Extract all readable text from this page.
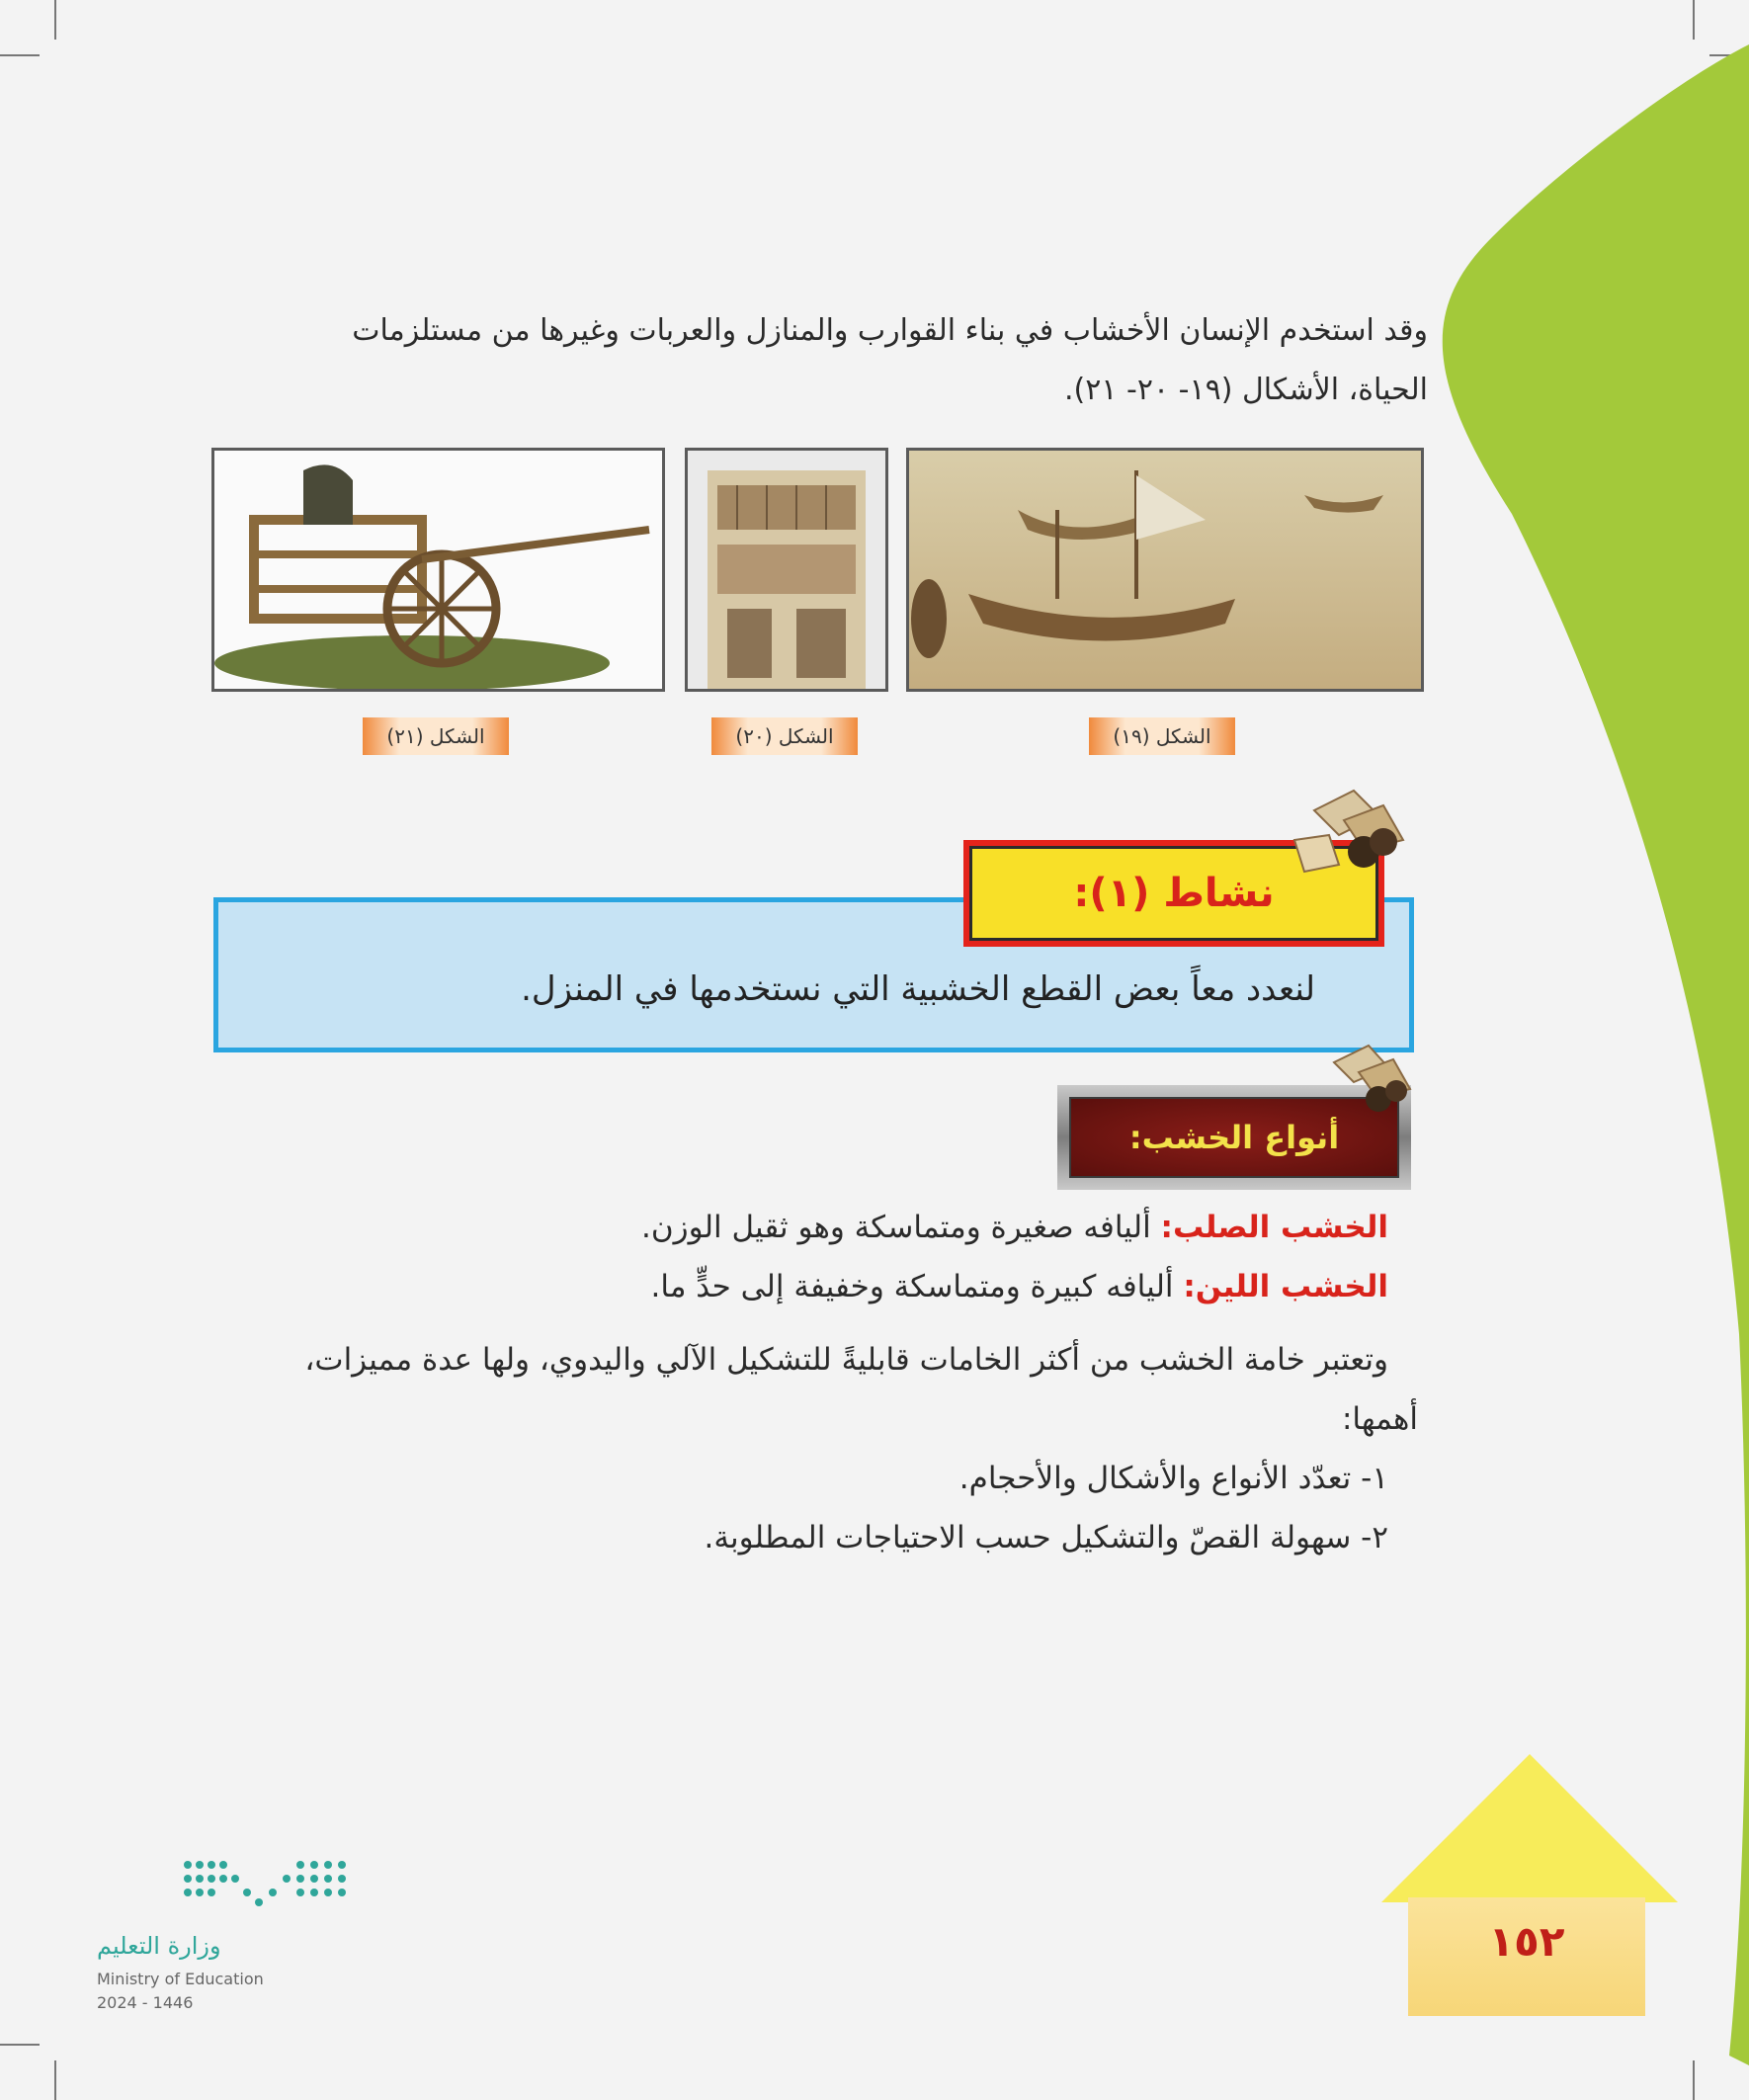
وقد استخدم الإنسان الأخشاب في بناء القوارب والمنازل والعربات وغيرها من مستلزمات
الحياة، الأشكال (١٩- ٢٠- ٢١).
الشكل (١٩)
الشكل (٢٠)
الشكل (٢١)
لنعدد معاً بعض القطع الخشبية التي نستخدمها في المنزل.
نشاط (١):
أنواع الخشب:
الخشب الصلب: أليافه صغيرة ومتماسكة وهو ثقيل الوزن.
الخشب اللين: أليافه كبيرة ومتماسكة وخفيفة إلى حدٍّ ما.
وتعتبر خامة الخشب من أكثر الخامات قابليةً للتشكيل الآلي واليدوي، ولها عدة مميزات،
أهمها:
١- تعدّد الأنواع والأشكال والأحجام.
٢- سهولة القصّ والتشكيل حسب الاحتياجات المطلوبة.
١٥٢
وزارة التعليم
Ministry of Education
2024 - 1446
